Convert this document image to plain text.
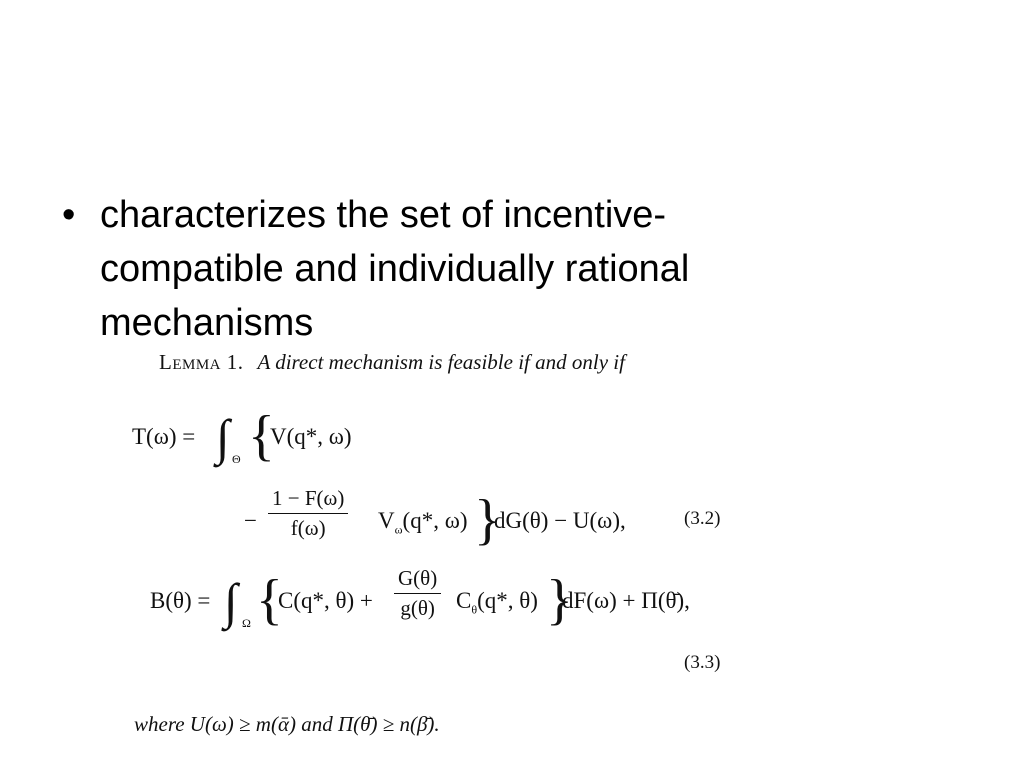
• characterizes the set of incentive-
compatible and individually rational
mechanisms
Lemma 1. A direct mechanism is feasible if and only if
T(ω) = ∫ Θ {
V(q*, ω)
− $\frac{1 - F(\omega)}{f(\omega)} V_\omega(q*$, ω) }
dG(θ) − U(ω),	(3.2)
B(θ) = ∫ Ω {
C(q*, $\theta) + \frac{G(\theta)}{g(\theta)} C_\theta(q*$, θ) }
dF(ω) + Π(θ̄),
(3.3)
where U(ω) ≥ m(ᾱ) and Π(θ̄) ≥ n(β̄).
